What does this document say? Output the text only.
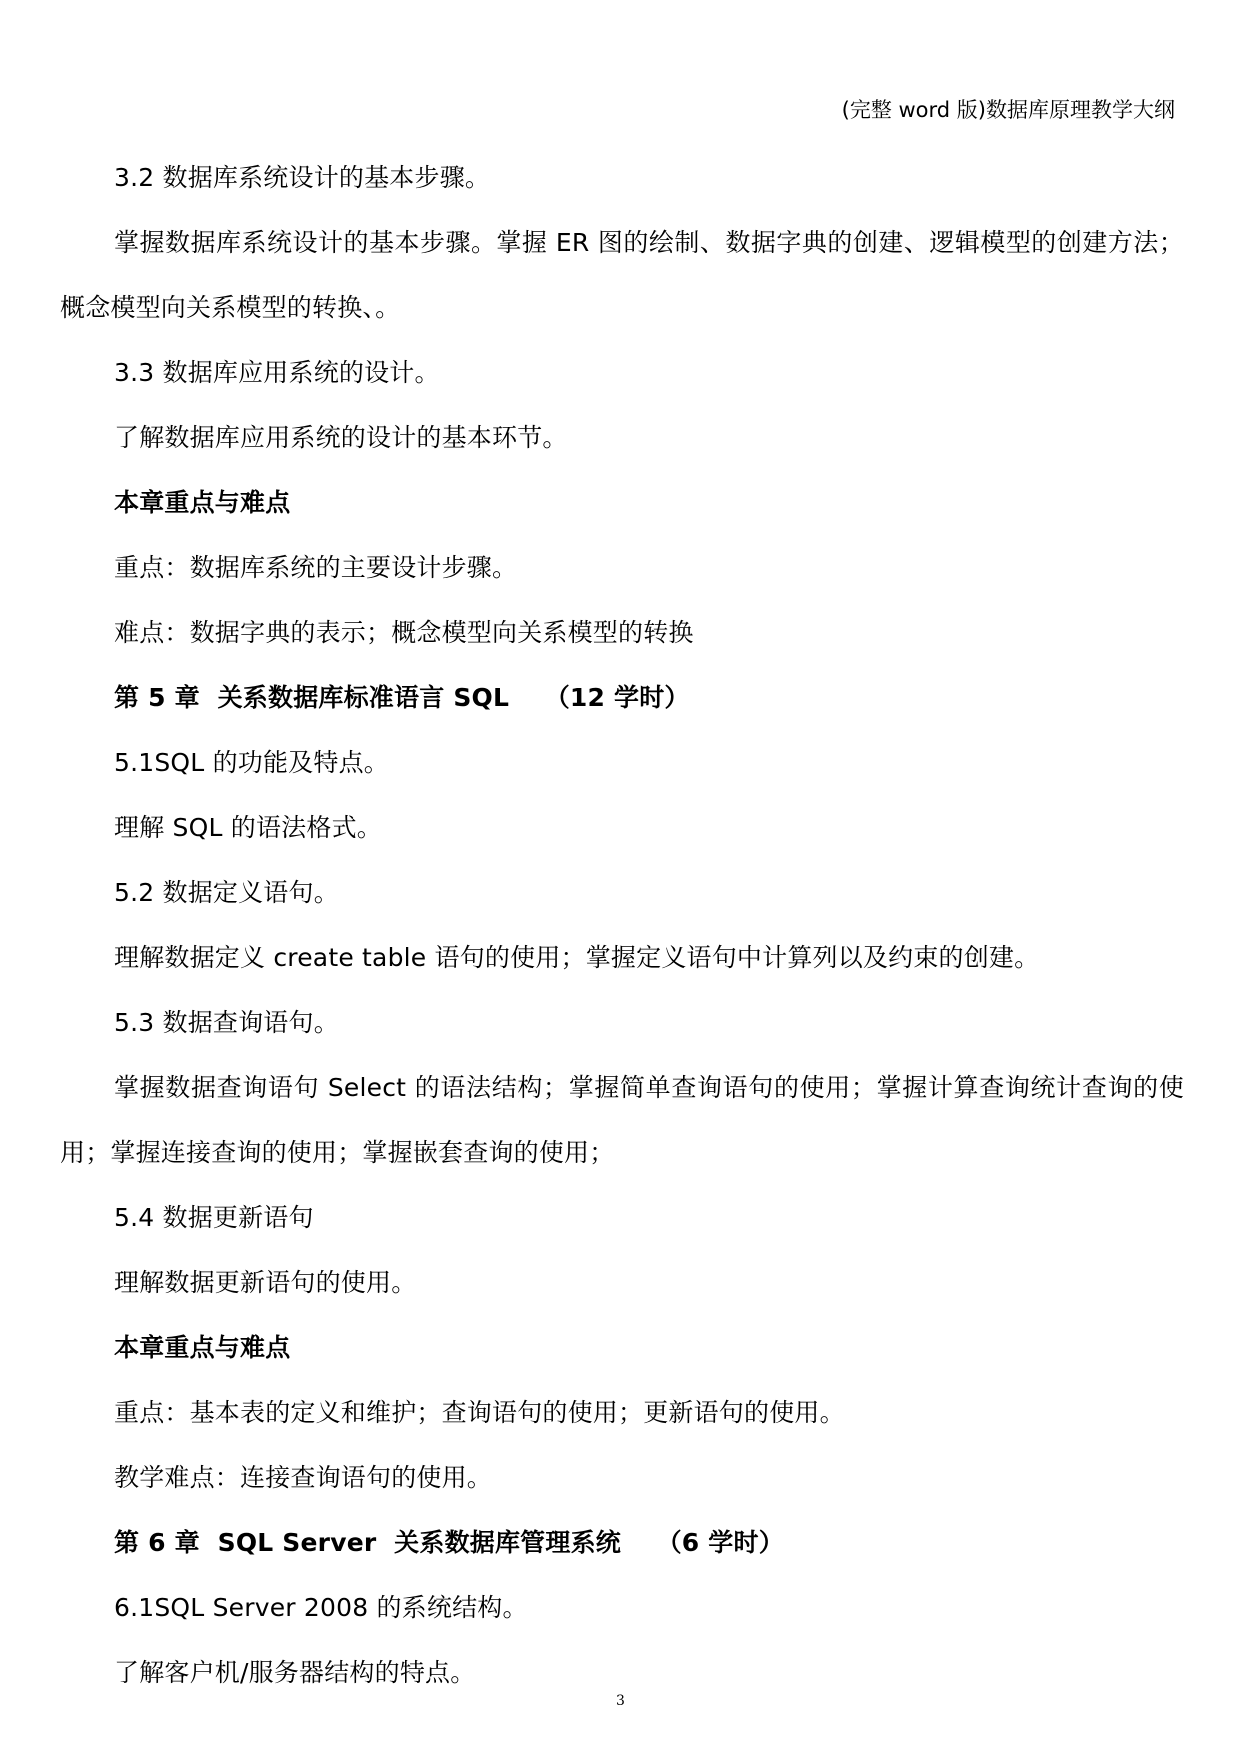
(完整 word 版)数据库原理教学大纲

3.2 数据库系统设计的基本步骤。

掌握数据库系统设计的基本步骤。掌握 ER 图的绘制、数据字典的创建、逻辑模型的创建方法；概念模型向关系模型的转换、。

3.3 数据库应用系统的设计。

了解数据库应用系统的设计的基本环节。

本章重点与难点

重点：数据库系统的主要设计步骤。

难点：数据字典的表示；概念模型向关系模型的转换

第 5 章  关系数据库标准语言 SQL    （12 学时）

5.1SQL 的功能及特点。

理解 SQL 的语法格式。

5.2 数据定义语句。

理解数据定义 create table 语句的使用；掌握定义语句中计算列以及约束的创建。

5.3 数据查询语句。

掌握数据查询语句 Select 的语法结构；掌握简单查询语句的使用；掌握计算查询统计查询的使用；掌握连接查询的使用；掌握嵌套查询的使用；

5.4 数据更新语句

理解数据更新语句的使用。

本章重点与难点

重点：基本表的定义和维护；查询语句的使用；更新语句的使用。

教学难点：连接查询语句的使用。

第 6 章  SQL Server  关系数据库管理系统    （6 学时）

6.1SQL Server 2008 的系统结构。

了解客户机/服务器结构的特点。

3
